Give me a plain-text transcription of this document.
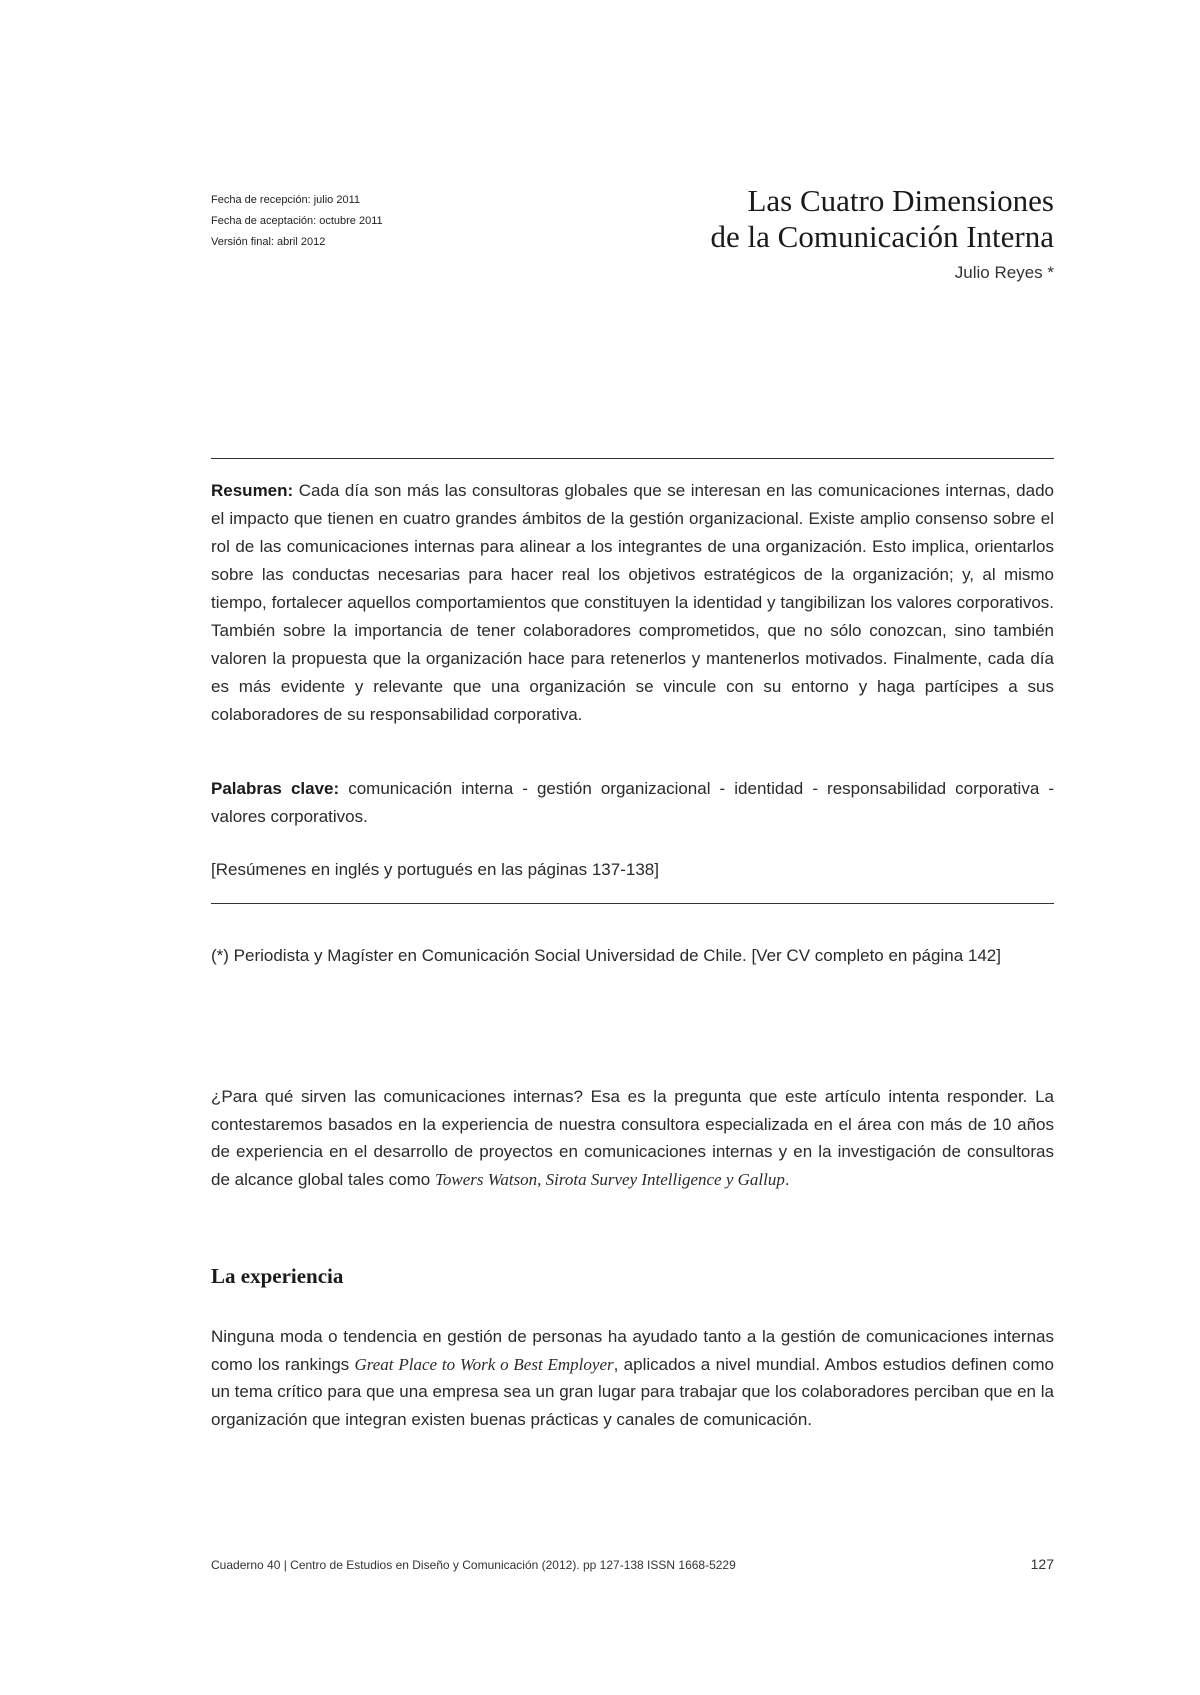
Fecha de recepción: julio 2011
Fecha de aceptación: octubre 2011
Versión final: abril 2012
Las Cuatro Dimensiones
de la Comunicación Interna
Julio Reyes *

Resumen: Cada día son más las consultoras globales que se interesan en las comunicaciones internas, dado el impacto que tienen en cuatro grandes ámbitos de la gestión organizacional. Existe amplio consenso sobre el rol de las comunicaciones internas para alinear a los integrantes de una organización. Esto implica, orientarlos sobre las conductas necesarias para hacer real los objetivos estratégicos de la organización; y, al mismo tiempo, fortalecer aquellos comportamientos que constituyen la identidad y tangibilizan los valores corporativos. También sobre la importancia de tener colaboradores comprometidos, que no sólo conozcan, sino también valoren la propuesta que la organización hace para retenerlos y mantenerlos motivados. Finalmente, cada día es más evidente y relevante que una organización se vincule con su entorno y haga partícipes a sus colaboradores de su responsabilidad corporativa.

Palabras clave: comunicación interna - gestión organizacional - identidad - responsabilidad corporativa - valores corporativos.

[Resúmenes en inglés y portugués en las páginas 137-138]
(*) Periodista y Magíster en Comunicación Social Universidad de Chile. [Ver CV completo en página 142]

¿Para qué sirven las comunicaciones internas? Esa es la pregunta que este artículo intenta responder. La contestaremos basados en la experiencia de nuestra consultora especializada en el área con más de 10 años de experiencia en el desarrollo de proyectos en comunicaciones internas y en la investigación de consultoras de alcance global tales como Towers Watson, Sirota Survey Intelligence y Gallup.

La experiencia

Ninguna moda o tendencia en gestión de personas ha ayudado tanto a la gestión de comunicaciones internas como los rankings Great Place to Work o Best Employer, aplicados a nivel mundial. Ambos estudios definen como un tema crítico para que una empresa sea un gran lugar para trabajar que los colaboradores perciban que en la organización que integran existen buenas prácticas y canales de comunicación.

Cuaderno 40 | Centro de Estudios en Diseño y Comunicación (2012). pp 127-138 ISSN 1668-5229	127
